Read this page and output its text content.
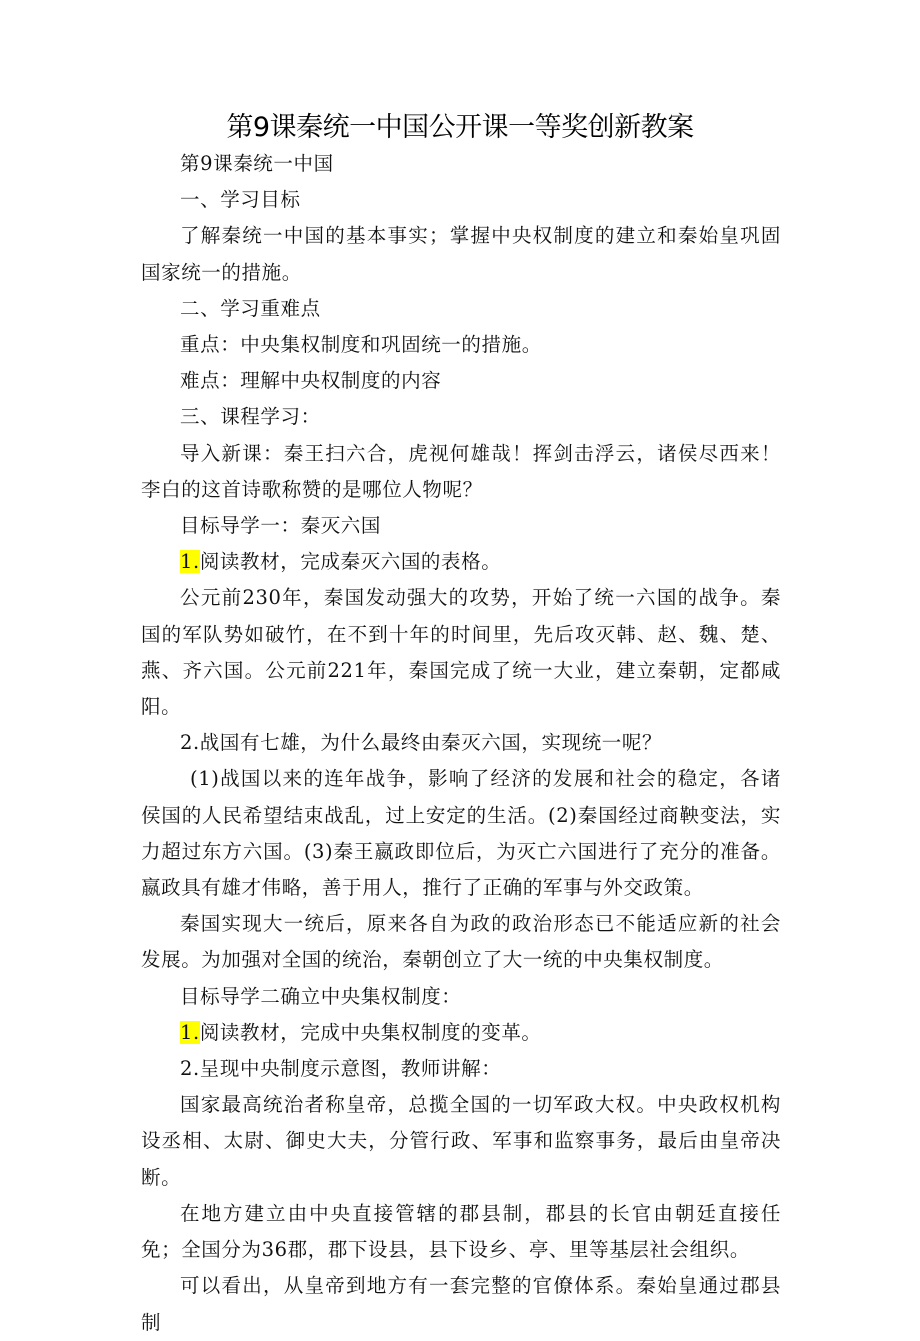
第9课秦统一中国公开课一等奖创新教案

第9课秦统一中国

一、学习目标

了解秦统一中国的基本事实；掌握中央权制度的建立和秦始皇巩固国家统一的措施。

二、学习重难点

重点：中央集权制度和巩固统一的措施。

难点：理解中央权制度的内容

三、课程学习：

导入新课：秦王扫六合，虎视何雄哉！挥剑击浮云，诸侯尽西来！李白的这首诗歌称赞的是哪位人物呢？

目标导学一：秦灭六国

1.阅读教材，完成秦灭六国的表格。

公元前230年，秦国发动强大的攻势，开始了统一六国的战争。秦国的军队势如破竹，在不到十年的时间里，先后攻灭韩、赵、魏、楚、燕、齐六国。公元前221年，秦国完成了统一大业，建立秦朝，定都咸阳。

2.战国有七雄，为什么最终由秦灭六国，实现统一呢？

(1)战国以来的连年战争，影响了经济的发展和社会的稳定，各诸侯国的人民希望结束战乱，过上安定的生活。(2)秦国经过商鞅变法，实力超过东方六国。(3)秦王嬴政即位后，为灭亡六国进行了充分的准备。嬴政具有雄才伟略，善于用人，推行了正确的军事与外交政策。

秦国实现大一统后，原来各自为政的政治形态已不能适应新的社会发展。为加强对全国的统治，秦朝创立了大一统的中央集权制度。

目标导学二确立中央集权制度：

1.阅读教材，完成中央集权制度的变革。

2.呈现中央制度示意图，教师讲解：

国家最高统治者称皇帝，总揽全国的一切军政大权。中央政权机构设丞相、太尉、御史大夫，分管行政、军事和监察事务，最后由皇帝决断。

在地方建立由中央直接管辖的郡县制，郡县的长官由朝廷直接任免；全国分为36郡，郡下设县，县下设乡、亭、里等基层社会组织。

可以看出，从皇帝到地方有一套完整的官僚体系。秦始皇通过郡县制
